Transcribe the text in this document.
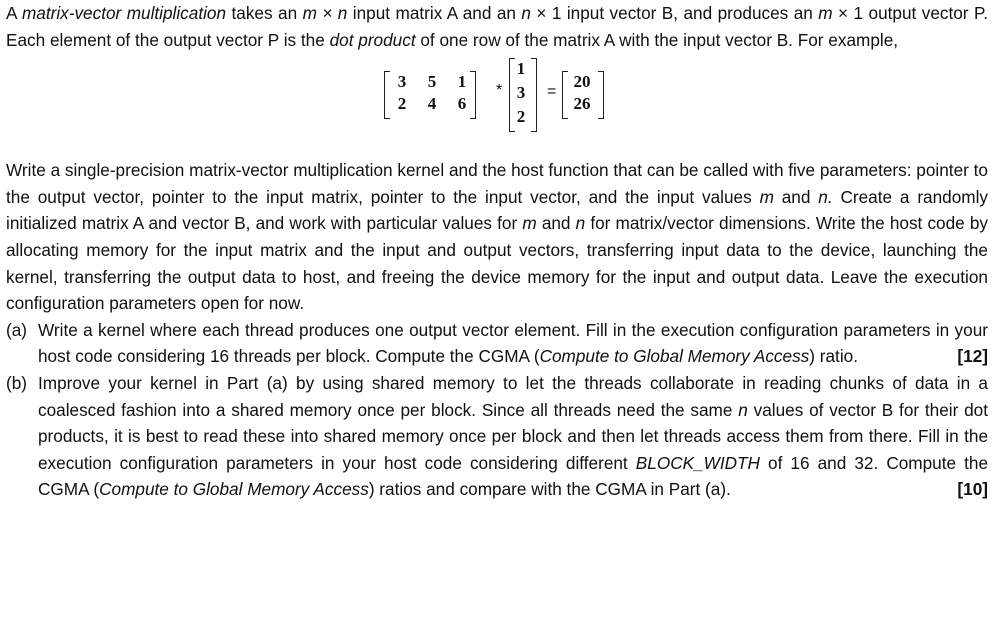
A matrix-vector multiplication takes an m × n input matrix A and an n × 1 input vector B, and produces an m × 1 output vector P. Each element of the output vector P is the dot product of one row of the matrix A with the input vector B. For example,

3	5	1
2	4	6
*
1
3
2
=
20
26

Write a single-precision matrix-vector multiplication kernel and the host function that can be called with five parameters: pointer to the output vector, pointer to the input matrix, pointer to the input vector, and the input values m and n. Create a randomly initialized matrix A and vector B, and work with particular values for m and n for matrix/vector dimensions. Write the host code by allocating memory for the input matrix and the input and output vectors, transferring input data to the device, launching the kernel, transferring the output data to host, and freeing the device memory for the input and output data. Leave the execution configuration parameters open for now.

(a) Write a kernel where each thread produces one output vector element. Fill in the execution configuration parameters in your host code considering 16 threads per block. Compute the CGMA (Compute to Global Memory Access) ratio.	[12]
(b) Improve your kernel in Part (a) by using shared memory to let the threads collaborate in reading chunks of data in a coalesced fashion into a shared memory once per block. Since all threads need the same n values of vector B for their dot products, it is best to read these into shared memory once per block and then let threads access them from there. Fill in the execution configuration parameters in your host code considering different BLOCK_WIDTH of 16 and 32. Compute the CGMA (Compute to Global Memory Access) ratios and compare with the CGMA in Part (a).	[10]
